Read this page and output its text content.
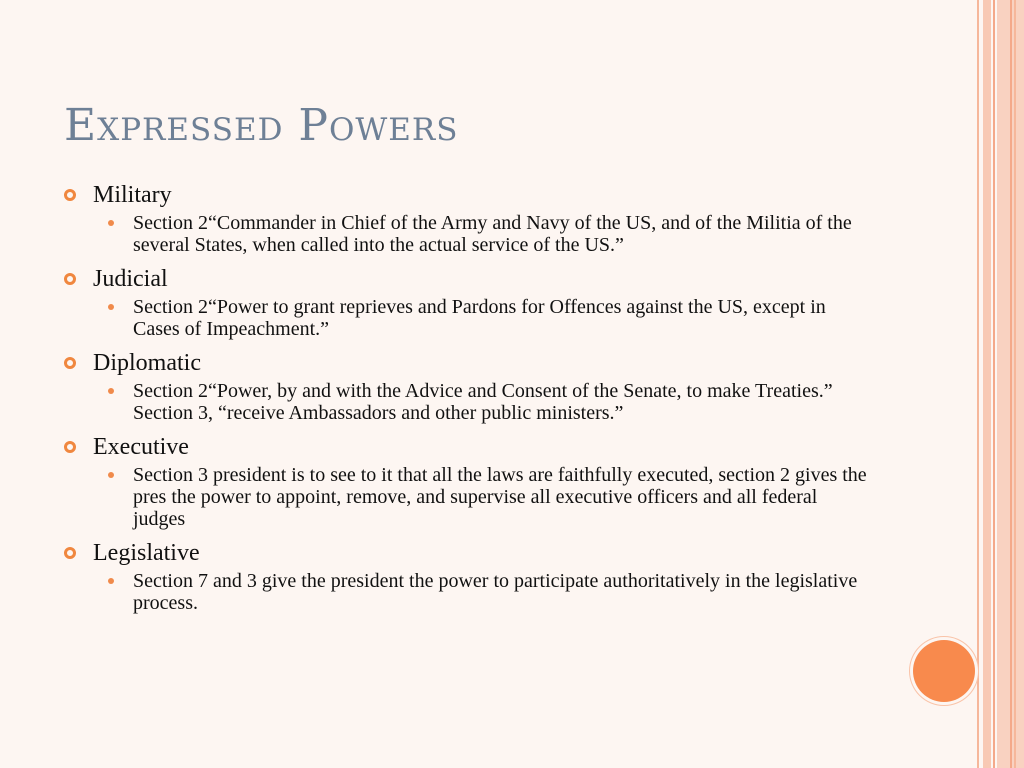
Expressed Powers
Military
Section 2“Commander in Chief of the Army and Navy of the US, and of the Militia of the several States, when called into the actual service of the US.”
Judicial
Section 2“Power to grant reprieves and Pardons for Offences against the US, except in Cases of Impeachment.”
Diplomatic
Section 2“Power, by and with the Advice and Consent of the Senate, to make Treaties.” Section 3, “receive Ambassadors and other public ministers.”
Executive
Section 3 president is to see to it that all the laws are faithfully executed, section 2 gives the pres the power to appoint, remove, and supervise all executive officers and all federal judges
Legislative
Section 7 and 3 give the president the power to participate authoritatively in the legislative process.
